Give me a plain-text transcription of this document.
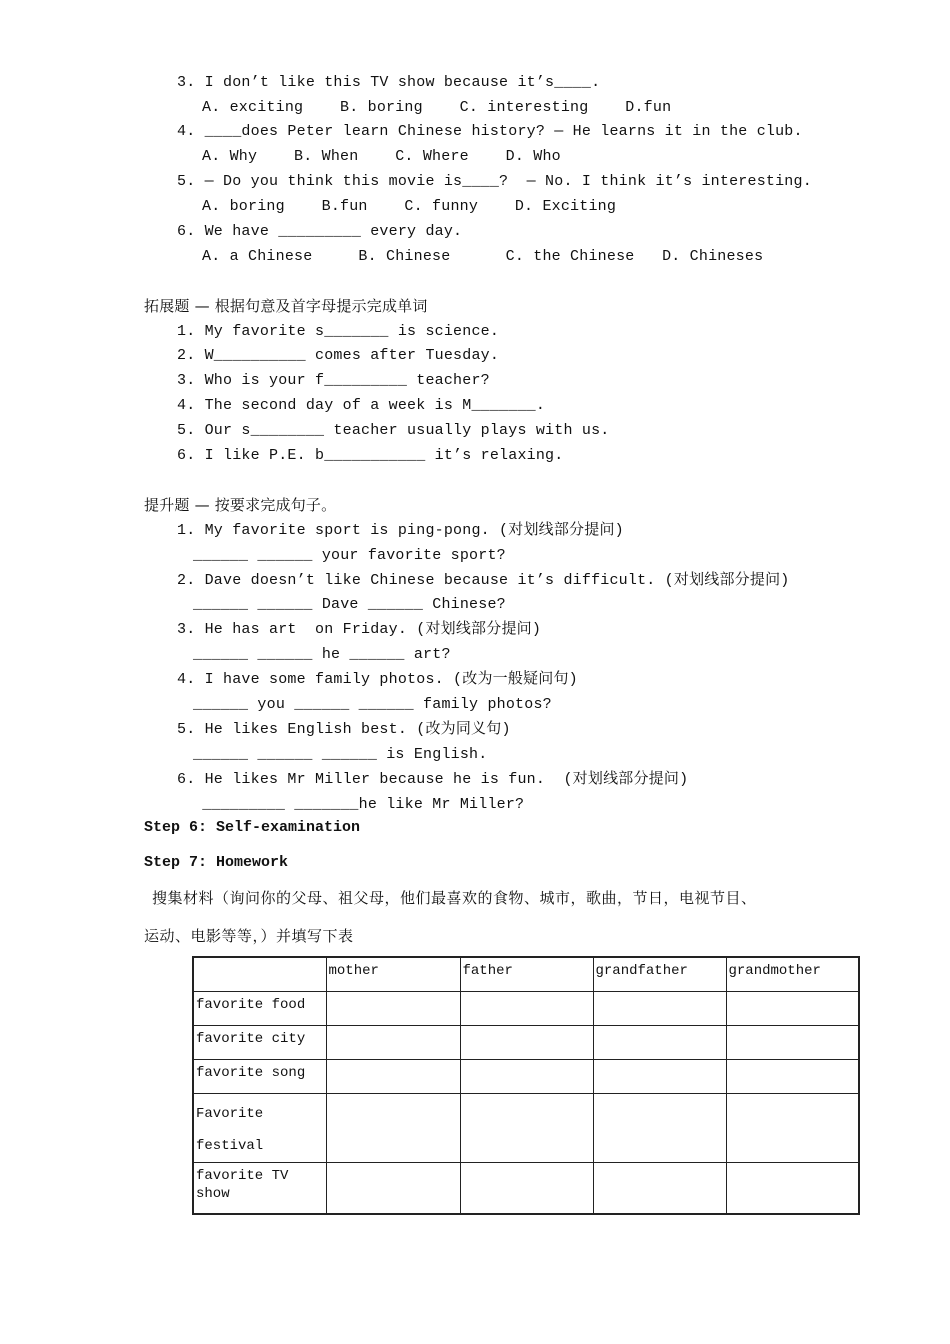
3. I don’t like this TV show because it’s____.
A. exciting    B. boring    C. interesting    D.fun
4. ____does Peter learn Chinese history? — He learns it in the club.
A. Why    B. When    C. Where    D. Who
5. — Do you think this movie is____?  — No. I think it’s interesting.
A. boring    B.fun    C. funny    D. Exciting
6. We have _________ every day.
A. a Chinese     B. Chinese      C. the Chinese   D. Chineses
拓展题 — 根据句意及首字母提示完成单词
1. My favorite s_______ is science.
2. W__________ comes after Tuesday.
3. Who is your f_________ teacher?
4. The second day of a week is M_______.
5. Our s________ teacher usually plays with us.
6. I like P.E. b___________ it’s relaxing.
提升题 — 按要求完成句子。
1. My favorite sport is ping-pong. (对划线部分提问)
______ ______ your favorite sport?
2. Dave doesn’t like Chinese because it’s difficult. (对划线部分提问)
______ ______ Dave ______ Chinese?
3. He has art  on Friday. (对划线部分提问)
______ ______ he ______ art?
4. I have some family photos. (改为一般疑问句)
______ you ______ ______ family photos?
5. He likes English best. (改为同义句)
______ ______ ______ is English.
6. He likes Mr Miller because he is fun.  (对划线部分提问)
_________ _______he like Mr Miller?
Step 6: Self-examination
Step 7: Homework
搜集材料（询问你的父母、祖父母，他们最喜欢的食物、城市，歌曲，节日，电视节目、
运动、电影等等，）并填写下表
	mother	father	grandfather	grandmother
favorite food				
favorite city				
favorite song				
Favorite festival				
favorite TV show				
